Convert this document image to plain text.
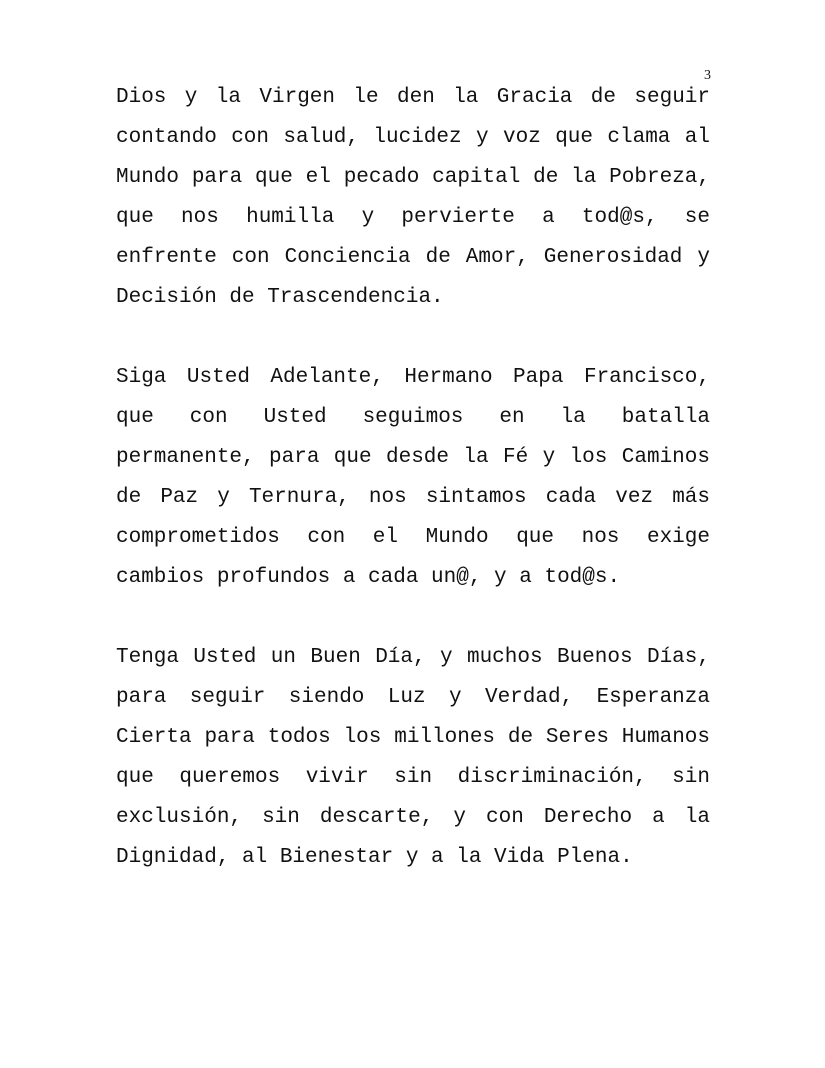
3

Dios y la Virgen le den la Gracia de seguir contando con salud, lucidez y voz que clama al Mundo para que el pecado capital de la Pobreza, que nos humilla y pervierte a tod@s, se enfrente con Conciencia de Amor, Generosidad y Decisión de Trascendencia.

Siga Usted Adelante, Hermano Papa Francisco, que con Usted seguimos en la batalla permanente, para que desde la Fé y los Caminos de Paz y Ternura, nos sintamos cada vez más comprometidos con el Mundo que nos exige cambios profundos a cada un@, y a tod@s.

Tenga Usted un Buen Día, y muchos Buenos Días, para seguir siendo Luz y Verdad, Esperanza Cierta para todos los millones de Seres Humanos que queremos vivir sin discriminación, sin exclusión, sin descarte, y con Derecho a la Dignidad, al Bienestar y a la Vida Plena.
